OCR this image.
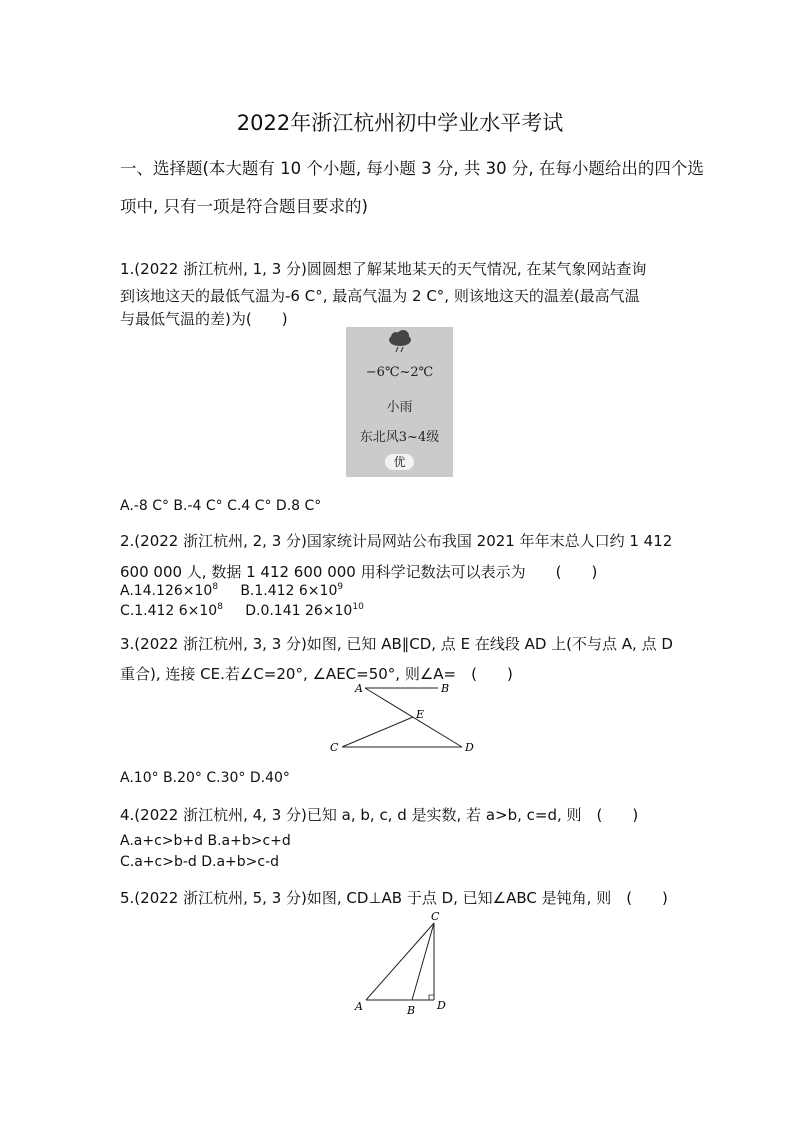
2022年浙江杭州初中学业水平考试
一、选择题(本大题有 10 个小题, 每小题 3 分, 共 30 分, 在每小题给出的四个选
项中, 只有一项是符合题目要求的)
1.(2022 浙江杭州, 1, 3 分)圆圆想了解某地某天的天气情况, 在某气象网站查询
到该地这天的最低气温为-6 C°, 最高气温为 2 C°, 则该地这天的温差(最高气温
与最低气温的差)为(　　)
−6℃~2℃
小雨
东北风3~4级
优
A.-8 C° B.-4 C° C.4 C° D.8 C°
2.(2022 浙江杭州, 2, 3 分)国家统计局网站公布我国 2021 年年末总人口约 1 412
600 000 人, 数据 1 412 600 000 用科学记数法可以表示为　　(　　)
$A.14.126\times 10^8$ B.1.412 $6\times 10^9$
C.1.412 $6\times 10^8$ D.0.141 $26\times 10^{10}$
3.(2022 浙江杭州, 3, 3 分)如图, 已知 AB∥CD, 点 E 在线段 AD 上(不与点 A, 点 D
重合), 连接 CE.若∠C=20°, ∠AEC=50°, 则∠A=　(　　)
A	B
E
C	D
A.10° B.20° C.30° D.40°
4.(2022 浙江杭州, 4, 3 分)已知 a, b, c, d 是实数, 若 a>b, c=d, 则　(　　)
A.a+c>b+d B.a+b>c+d
C.a+c>b-d D.a+b>c-d
5.(2022 浙江杭州, 5, 3 分)如图, CD⊥AB 于点 D, 已知∠ABC 是钝角, 则　(　　)
C
A	B D
